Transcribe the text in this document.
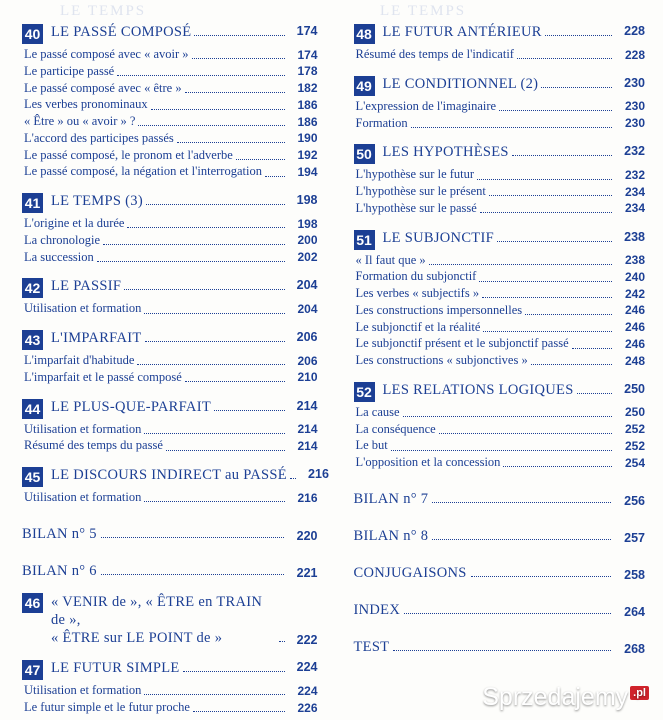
LE TEMPS	LE TEMPS
40 LE PASSÉ COMPOSÉ	174
Le passé composé avec « avoir »	174
Le participe passé	178
Le passé composé avec « être »	182
Les verbes pronominaux	186
« Être » ou « avoir » ?	186
L'accord des participes passés	190
Le passé composé, le pronom et l'adverbe	192
Le passé composé, la négation et l'interrogation	194
41 LE TEMPS (3)	198
L'origine et la durée	198
La chronologie	200
La succession	202
42 LE PASSIF	204
Utilisation et formation	204
43 L'IMPARFAIT	206
L'imparfait d'habitude	206
L'imparfait et le passé composé	210
44 LE PLUS-QUE-PARFAIT	214
Utilisation et formation	214
Résumé des temps du passé	214
45 LE DISCOURS INDIRECT au PASSÉ	216
Utilisation et formation	216
BILAN n° 5	220
BILAN n° 6	221
46 « VENIR de », « ÊTRE en TRAIN de »,
« ÊTRE sur LE POINT de »	222
47 LE FUTUR SIMPLE	224
Utilisation et formation	224
Le futur simple et le futur proche	226
48 LE FUTUR ANTÉRIEUR	228
Résumé des temps de l'indicatif	228
49 LE CONDITIONNEL (2)	230
L'expression de l'imaginaire	230
Formation	230
50 LES HYPOTHÈSES	232
L'hypothèse sur le futur	232
L'hypothèse sur le présent	234
L'hypothèse sur le passé	234
51 LE SUBJONCTIF	238
« Il faut que »	238
Formation du subjonctif	240
Les verbes « subjectifs »	242
Les constructions impersonnelles	246
Le subjonctif et la réalité	246
Le subjonctif présent et le subjonctif passé	246
Les constructions « subjonctives »	248
52 LES RELATIONS LOGIQUES	250
La cause	250
La conséquence	252
Le but	252
L'opposition et la concession	254
BILAN n° 7	256
BILAN n° 8	257
CONJUGAISONS	258
INDEX	264
TEST	268
Sprzedajemy .pl
